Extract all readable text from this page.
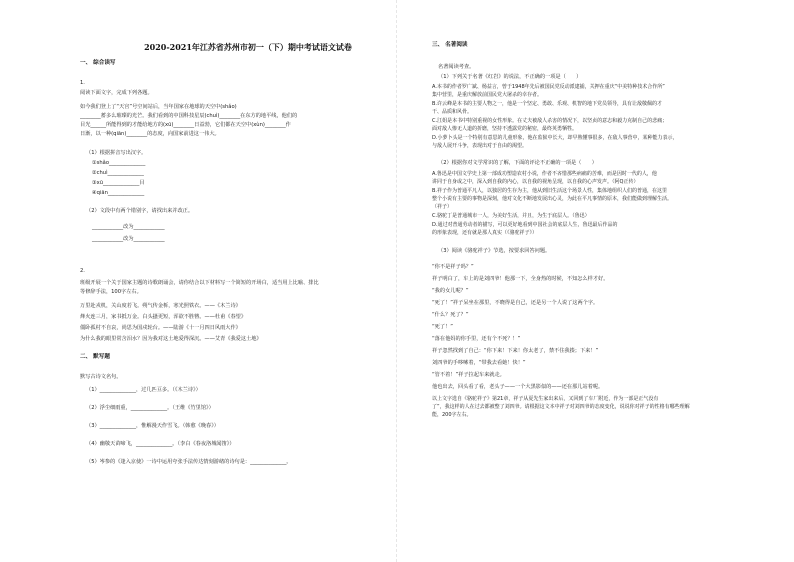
2020-2021年江苏省苏州市初一（下）期中考试语文试卷
一、 综合读写
1.
阅读下面文字，完成下列各题。
如今我们登上了“天宫”号空间站后，当年国家在地球的天空中(shǎo)
________蓄多么璀璨的光芒。我们看到的中国科技星辰(chuì)________在东方的地平线，他们的
目光______所能得到的才能给地方的(xū)________日益勃，它们都在天空中(xùn)________作
日渐，以一种(qiān)________的态度，向国家前进这一伟大。
（1）根据拼音写出汉字。
①shǎo______________
②chuì______________
③xū______________目
④qiān______________
（2）文段中有两个错别字，请找出来并改正。
____________改为____________
____________改为____________
2.
班级开展一个关于国家主题的诗歌朗诵会，请你结合以下材料写一个简短的开场白，适当用上比喻、排比
等修辞手法，100字左右。
万里赴戎机，关山度若飞。朔气传金柝，寒光照铁衣。——《木兰诗》
烽火连三月，家书抵万金。白头搔更短，浑欲不胜簪。——杜甫《春望》
僵卧孤村不自哀，尚思为国戍轮台。——陆游《十一月四日风雨大作》
为什么我的眼里常含泪水？因为我对这土地爱得深沉。——艾青《我爱这土地》
二、 默写题
默写古诗文名句。
（1）______________，过几匹亘多。（《木兰诗》）
（2）浮尘细雨重，______________。（王维《竹里馆》）
（3）______________，惟解漫天作雪飞。（韩愈《晚春》）
（4）幽敬天苗啼飞，______________。（李白《春夜洛城闻笛》）
（5）岑参的《逢入京使》一诗中运用夸张手法传达情刻游绪的诗句是：______________。
三、 名著阅读
名著阅读考查。
（1）下列关于名著《红岩》的说法，不正确的一项是（　　）
A.本书的作者罗广斌、杨益言，曾于1948年先后被国民党反动派逮捕，关押在重庆“中美特种技术合作所”
集中营里，是重庆解放前国民党大屠杀的幸存者。
B.许云峰是本书的主要人物之一，他是一个坚定、勇敢、乐观、机智的地下党员领导，具有让敌敬佩的才
干、品质和风骨。
C.江姐是本书中特别重视的女性形象。在丈夫被敌人杀害的情况下，以坚贞的意志和毅力克制自己的悲痛；
面对敌人惨无人道的折磨，坚持不透露党的秘密，最终英勇牺牲。
D.小萝卜头是一个特别有意思的儿童形象，他在监狱中长大，却早熟懂事很多，在敌人事营中，某种能力表示，
与敌人展开斗争，表现出对于自由的渴望。
（2）根据你对文学常识的了解，下面的评论不正确的一项是（　　）
A.鲁迅是中国文学史上第一部成功塑造农村小说，作者不吝惜那些病痛的苦难，而是因时一代的人，他
讲同于自身或之中，深入到自我的内心，以自我的视角呈现，以自我的心声发声。（阿Q正传）
B.祥子作为普通平凡人，以独居的生存为主，他从到旧生活这个场景人性，集体地组织人们的普通，在这里
整个小说有主要的事物是深刻，他对文化不断地发展出心灵，为此在平凡事情的原本，我们能做到理解生活。
（祥子）
C.骆驼丁是普通城市一人，为美好生活，并且，为生于底层人。（鲁迅）
D.通过对普通劳动者的描写，可以更好地看到中国社会的底层人生，鲁迅最后作品的
的形象表现，还有就是那人真实（《骆驼祥子》）
（3）阅读《骆驼祥子》节选，按要求回答问题。
“你不是祥子吗？”
祥子明白了，车上的是刘四爷！他那一下，全身热的时候，不知怎么样才好。
“我的女儿呢？”
“死了！”祥子呆坐在那里，不晓得是自己，还是另一个人说了这两个字。
“什么？死了？”
“死了！”
“落在他妈的你手里，还有个不死？！”
祥子忽然找到了自己：“你下来！下来！你太老了，禁不住我揍；下来！”
刘四爷的手哆嗦着，“带我去看她！快！”
“管不着！”祥子拉起车来就走。
他也出去，回头看了看，老头子——一个大黑影似的——还在那儿站着呢。
以上文字选自《骆驼祥子》第21章，祥子从夏先生家出来后，又回到了车厂附近，作为一部是正气没有
了”，我这样的人在过去都被整了刘四爷。请根据这文本中祥子对刘四爷的态度变化，说说你对祥子的性格有哪些理解
能，200字左右。
